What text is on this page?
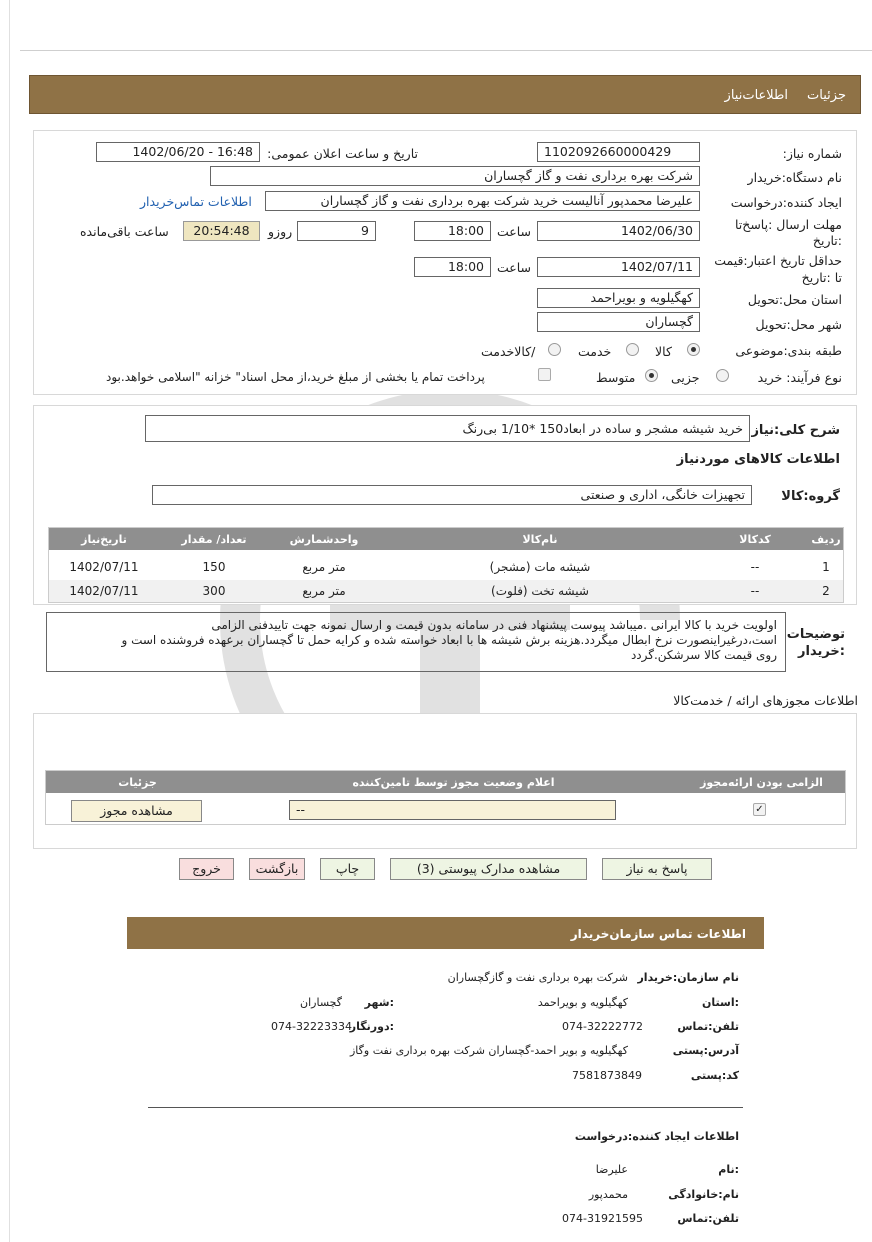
جزئیات
اطلاعات‌نیاز
شماره نیاز:
1102092660000429
تاریخ و ساعت اعلان عمومی:
1402/06/20 - 16:48
نام دستگاه:خریدار
شرکت بهره برداری نفت و گاز گچساران
ایجاد کننده:درخواست
علیرضا محمدپور آنالیست خرید شرکت بهره برداری نفت و گاز گچساران
اطلاعات تماس‌خریدار
مهلت ارسال :پاسخ‌تا
:تاریخ
1402/06/30
ساعت
18:00
9
روزو
20:54:48
ساعت باقی‌مانده
حداقل تاریخ اعتبار:قیمت
تا :تاریخ
1402/07/11
ساعت
18:00
استان محل:تحویل
کهگیلویه و بویراحمد
شهر محل:تحویل
گچساران
طبقه بندی:موضوعی
کالا
خدمت
/کالاخدمت
نوع فرآیند: خرید
جزیی
متوسط
پرداخت تمام یا بخشی از مبلغ خرید،از محل اسناد" خزانه "اسلامی خواهد.بود
شرح کلی:نیاز
خرید شیشه مشجر و ساده در ابعاد150 *1/10 بی‌رنگ
اطلاعات کالاهای موردنیاز
گروه:کالا
تجهیزات خانگی، اداری و صنعتی
ردیف
کدکالا
نام‌کالا
واحدشمارش
تعداد/ مقدار
تاریخ‌نیاز
1
--
شیشه مات (مشجر)
متر مربع
150
1402/07/11
2
--
شیشه تخت (فلوت)
متر مربع
300
1402/07/11
توضیحات
:خریدار
اولویت خرید با کالا ایرانی .میباشد پیوست پیشنهاد فنی در سامانه بدون قیمت و ارسال نمونه جهت تاییدفنی الزامی
است،درغیراینصورت نرخ ابطال میگردد.هزینه برش شیشه ها با ابعاد خواسته شده و کرایه حمل تا گچساران برعهده فروشنده است و
روی قیمت کالا سرشکن.گردد
اطلاعات مجوزهای ارائه / خدمت‌کالا
الزامی بودن ارائه‌مجوز
اعلام وضعیت مجوز توسط تامین‌کننده
جزئیات
✓
--
مشاهده مجوز
پاسخ به نیاز
مشاهده مدارک پیوستی (3)
چاپ
بازگشت
خروج
اطلاعات تماس سازمان‌خریدار
نام سازمان:خریدار
شرکت بهره برداری نفت و گازگچساران
:استان
کهگیلویه و بویراحمد
:شهر
گچساران
تلفن:تماس
074-32222772
:دورنگار
074-32223334
آدرس:پستی
کهگیلویه و بویر احمد-گچساران شرکت بهره برداری نفت وگاز
کد:پستی
7581873849
اطلاعات ایجاد کننده:درخواست
:نام
علیرضا
نام:خانوادگی
محمدپور
تلفن:تماس
074-31921595
